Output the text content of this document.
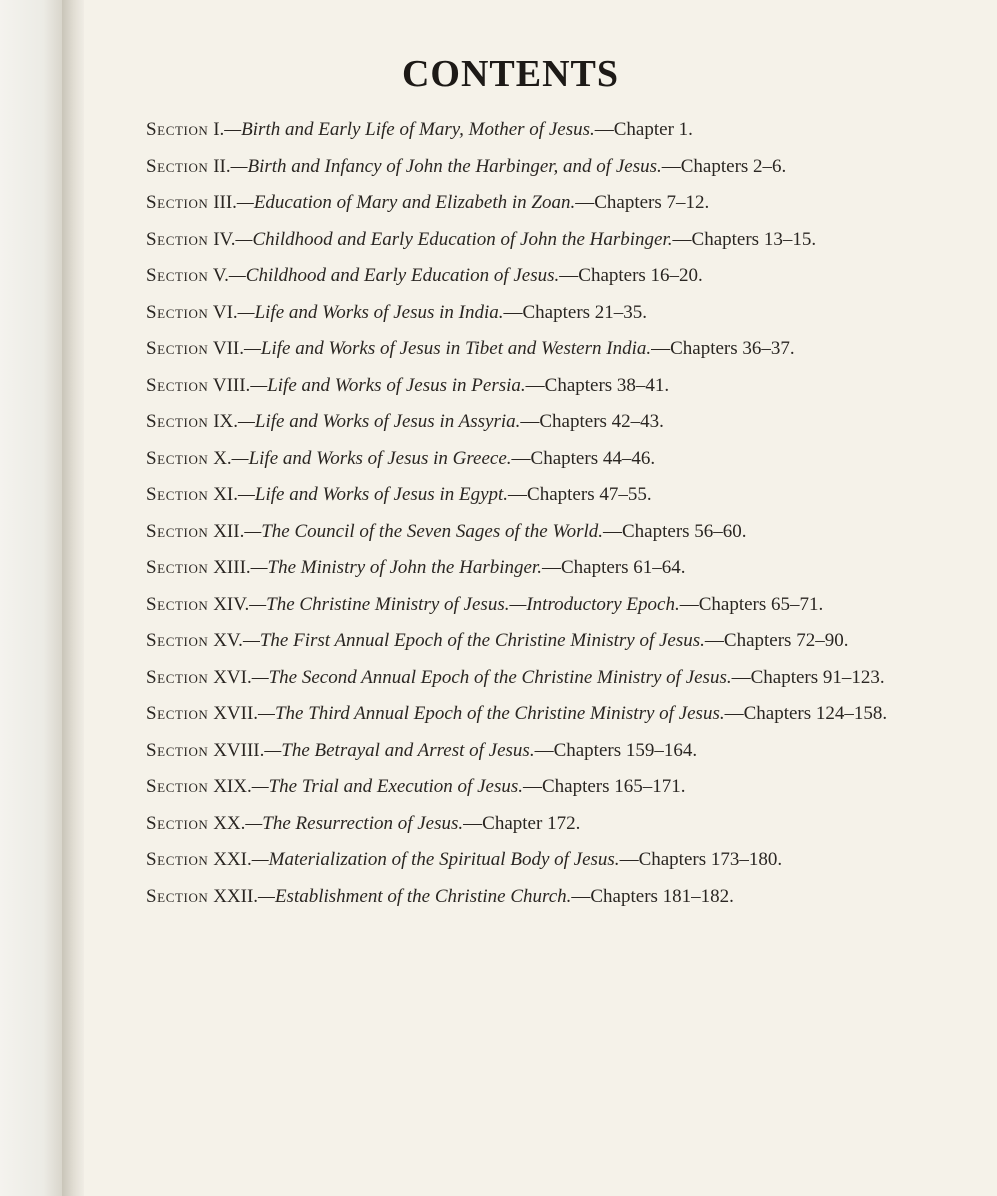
CONTENTS
Section I.—Birth and Early Life of Mary, Mother of Jesus.—Chapter 1.
Section II.—Birth and Infancy of John the Harbinger, and of Jesus.—Chapters 2–6.
Section III.—Education of Mary and Elizabeth in Zoan.—Chapters 7–12.
Section IV.—Childhood and Early Education of John the Harbinger.—Chapters 13–15.
Section V.—Childhood and Early Education of Jesus.—Chapters 16–20.
Section VI.—Life and Works of Jesus in India.—Chapters 21–35.
Section VII.—Life and Works of Jesus in Tibet and Western India.—Chapters 36–37.
Section VIII.—Life and Works of Jesus in Persia.—Chapters 38–41.
Section IX.—Life and Works of Jesus in Assyria.—Chapters 42–43.
Section X.—Life and Works of Jesus in Greece.—Chapters 44–46.
Section XI.—Life and Works of Jesus in Egypt.—Chapters 47–55.
Section XII.—The Council of the Seven Sages of the World.—Chapters 56–60.
Section XIII.—The Ministry of John the Harbinger.—Chapters 61–64.
Section XIV.—The Christine Ministry of Jesus.—Introductory Epoch.—Chapters 65–71.
Section XV.—The First Annual Epoch of the Christine Ministry of Jesus.—Chapters 72–90.
Section XVI.—The Second Annual Epoch of the Christine Ministry of Jesus.—Chapters 91–123.
Section XVII.—The Third Annual Epoch of the Christine Ministry of Jesus.—Chapters 124–158.
Section XVIII.—The Betrayal and Arrest of Jesus.—Chapters 159–164.
Section XIX.—The Trial and Execution of Jesus.—Chapters 165–171.
Section XX.—The Resurrection of Jesus.—Chapter 172.
Section XXI.—Materialization of the Spiritual Body of Jesus.—Chapters 173–180.
Section XXII.—Establishment of the Christine Church.—Chapters 181–182.
